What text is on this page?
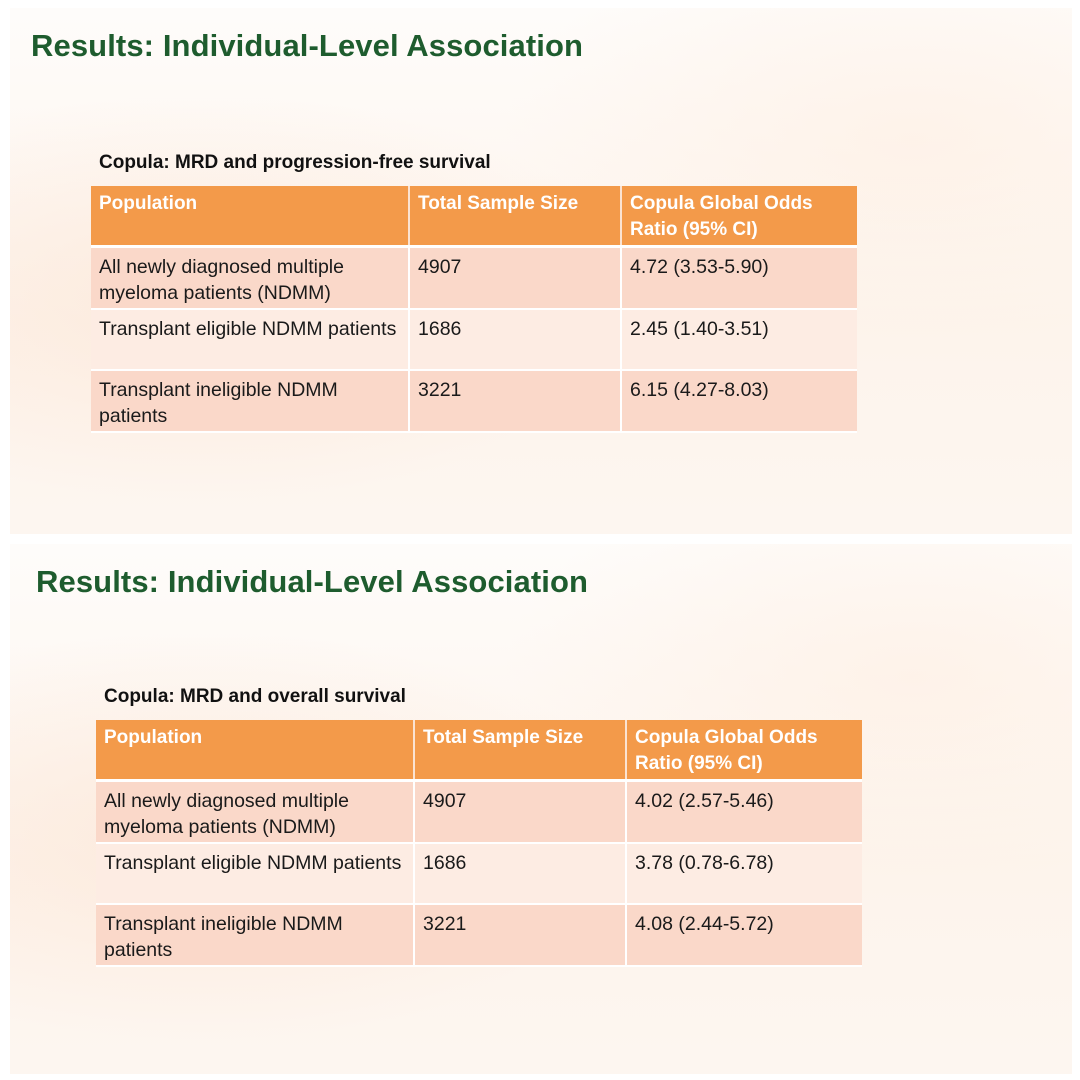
Results: Individual-Level Association

Copula: MRD and progression-free survival

Population	Total Sample Size	Copula Global Odds Ratio (95% CI)
All newly diagnosed multiple myeloma patients (NDMM)	4907	4.72 (3.53-5.90)
Transplant eligible NDMM patients	1686	2.45 (1.40-3.51)
Transplant ineligible NDMM patients	3221	6.15 (4.27-8.03)
Results: Individual-Level Association

Copula: MRD and overall survival

Population	Total Sample Size	Copula Global Odds Ratio (95% CI)
All newly diagnosed multiple myeloma patients (NDMM)	4907	4.02 (2.57-5.46)
Transplant eligible NDMM patients	1686	3.78 (0.78-6.78)
Transplant ineligible NDMM patients	3221	4.08 (2.44-5.72)
